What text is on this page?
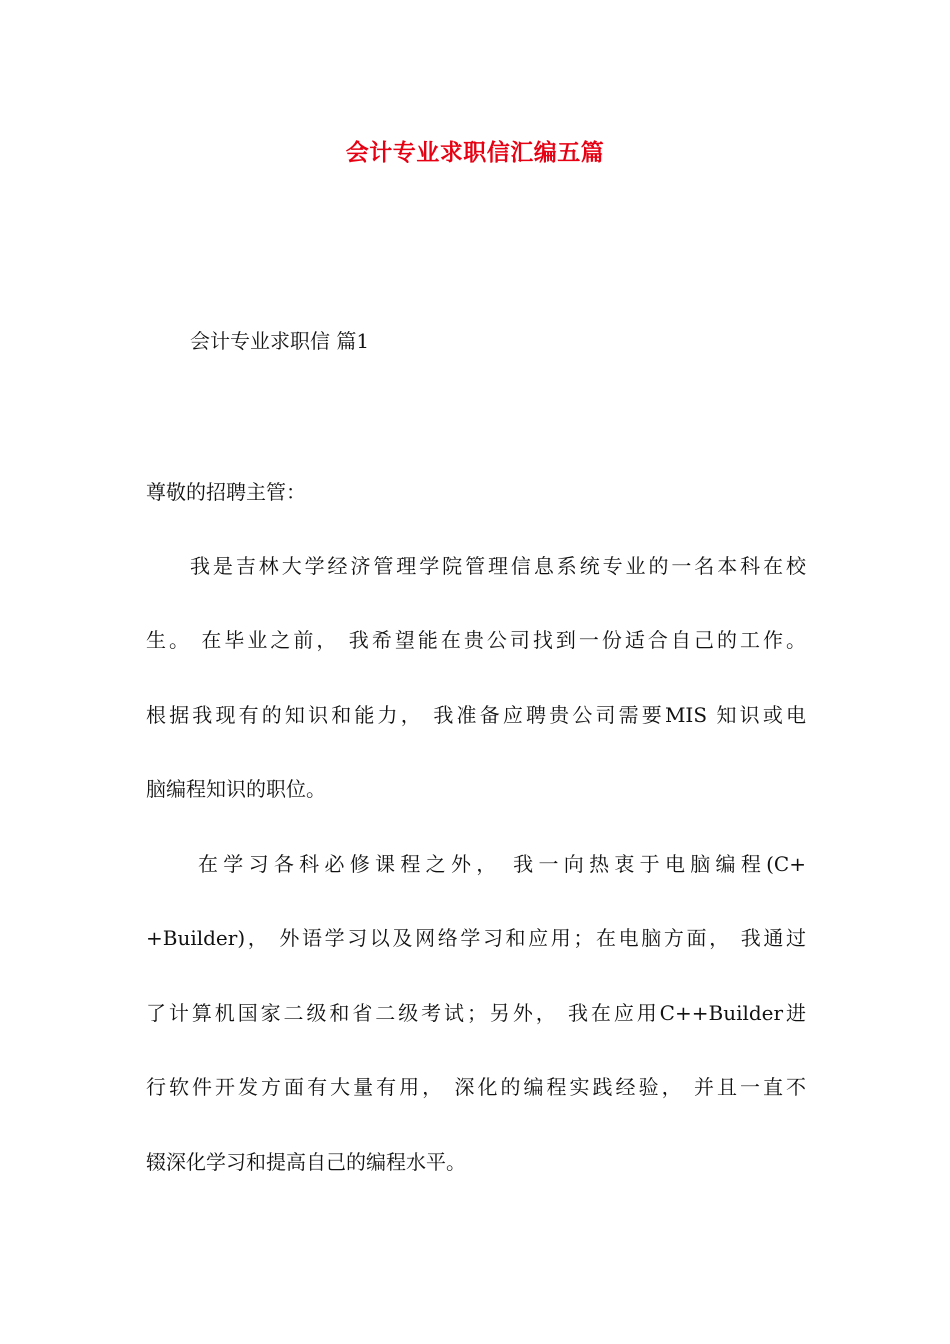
会计专业求职信汇编五篇
会计专业求职信 篇1
尊敬的招聘主管：
我是吉林大学经济管理学院管理信息系统专业的一名本科在校
生。 在毕业之前， 我希望能在贵公司找到一份适合自己的工作。
根据我现有的知识和能力， 我准备应聘贵公司需要MIS 知识或电
脑编程知识的职位。
在学习各科必修课程之外， 我一向热衷于电脑编程(C+
+Builder)， 外语学习以及网络学习和应用；在电脑方面， 我通过
了计算机国家二级和省二级考试；另外， 我在应用C++Builder进
行软件开发方面有大量有用， 深化的编程实践经验， 并且一直不
辍深化学习和提高自己的编程水平。
